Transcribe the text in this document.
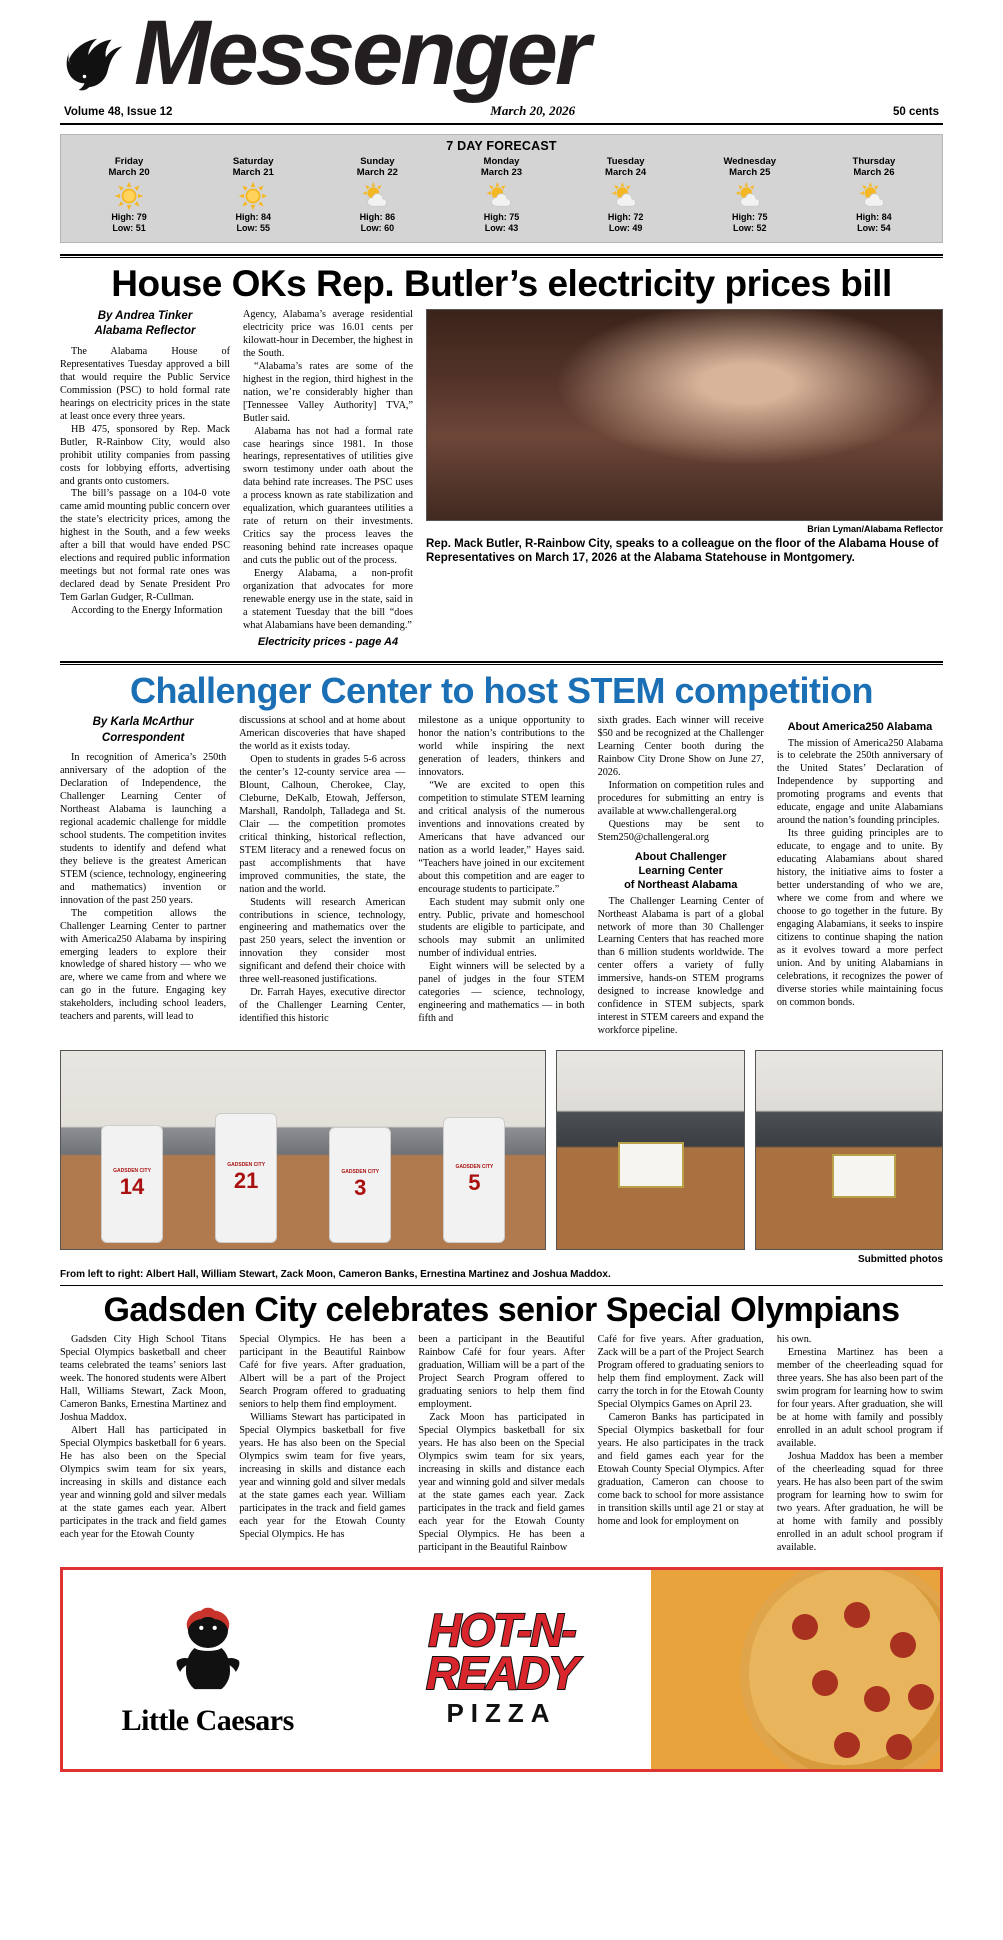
Messenger
Volume 48, Issue 12	March 20, 2026	50 cents
7 DAY FORECAST
Friday
March 20
High: 79
Low: 51
Saturday
March 21
High: 84
Low: 55
Sunday
March 22
High: 86
Low: 60
Monday
March 23
High: 75
Low: 43
Tuesday
March 24
High: 72
Low: 49
Wednesday
March 25
High: 75
Low: 52
Thursday
March 26
High: 84
Low: 54
House OKs Rep. Butler’s electricity prices bill
By Andrea Tinker
Alabama Reflector

The Alabama House of Representatives Tuesday approved a bill that would require the Public Service Commission (PSC) to hold formal rate hearings on electricity prices in the state at least once every three years.

HB 475, sponsored by Rep. Mack Butler, R-Rainbow City, would also prohibit utility companies from passing costs for lobbying efforts, advertising and grants onto customers.

The bill’s passage on a 104-0 vote came amid mounting public concern over the state’s electricity prices, among the highest in the South, and a few weeks after a bill that would have ended PSC elections and required public information meetings but not formal rate ones was declared dead by Senate President Pro Tem Garlan Gudger, R-Cullman.

According to the Energy Information

Agency, Alabama’s average residential electricity price was 16.01 cents per kilowatt-hour in December, the highest in the South.

“Alabama’s rates are some of the highest in the region, third highest in the nation, we’re considerably higher than [Tennessee Valley Authority] TVA,” Butler said.

Alabama has not had a formal rate case hearings since 1981. In those hearings, representatives of utilities give sworn testimony under oath about the data behind rate increases. The PSC uses a process known as rate stabilization and equalization, which guarantees utilities a rate of return on their investments. Critics say the process leaves the reasoning behind rate increases opaque and cuts the public out of the process.

Energy Alabama, a non-profit organization that advocates for more renewable energy use in the state, said in a statement Tuesday that the bill “does what Alabamians have been demanding.”

Electricity prices - page A4
Brian Lyman/Alabama Reflector
Rep. Mack Butler, R-Rainbow City, speaks to a colleague on the floor of the Alabama House of Representatives on March 17, 2026 at the Alabama Statehouse in Montgomery.
Challenger Center to host STEM competition
By Karla McArthur
Correspondent

In recognition of America’s 250th anniversary of the adoption of the Declaration of Independence, the Challenger Learning Center of Northeast Alabama is launching a regional academic challenge for middle school students. The competition invites students to identify and defend what they believe is the greatest American STEM (science, technology, engineering and mathematics) invention or innovation of the past 250 years.

The competition allows the Challenger Learning Center to partner with America250 Alabama by inspiring emerging leaders to explore their knowledge of shared history — who we are, where we came from and where we can go in the future. Engaging key stakeholders, including school leaders, teachers and parents, will lead to

discussions at school and at home about American discoveries that have shaped the world as it exists today.

Open to students in grades 5-6 across the center’s 12-county service area — Blount, Calhoun, Cherokee, Clay, Cleburne, DeKalb, Etowah, Jefferson, Marshall, Randolph, Talladega and St. Clair — the competition promotes critical thinking, historical reflection, STEM literacy and a renewed focus on past accomplishments that have improved communities, the state, the nation and the world.

Students will research American contributions in science, technology, engineering and mathematics over the past 250 years, select the invention or innovation they consider most significant and defend their choice with three well-reasoned justifications.

Dr. Farrah Hayes, executive director of the Challenger Learning Center, identified this historic

milestone as a unique opportunity to honor the nation’s contributions to the world while inspiring the next generation of leaders, thinkers and innovators.

“We are excited to open this competition to stimulate STEM learning and critical analysis of the numerous inventions and innovations created by Americans that have advanced our nation as a world leader,” Hayes said. “Teachers have joined in our excitement about this competition and are eager to encourage students to participate.”

Each student may submit only one entry. Public, private and homeschool students are eligible to participate, and schools may submit an unlimited number of individual entries.

Eight winners will be selected by a panel of judges in the four STEM categories — science, technology, engineering and mathematics — in both fifth and

sixth grades. Each winner will receive $50 and be recognized at the Challenger Learning Center booth during the Rainbow City Drone Show on June 27, 2026.

Information on competition rules and procedures for submitting an entry is available at www.challengeral.org

Questions may be sent to Stem250@challengeral.org

About Challenger
Learning Center
of Northeast Alabama

The Challenger Learning Center of Northeast Alabama is part of a global network of more than 30 Challenger Learning Centers that has reached more than 6 million students worldwide. The center offers a variety of fully immersive, hands-on STEM programs designed to increase knowledge and confidence in STEM subjects, spark interest in STEM careers and expand the workforce pipeline.

About America250 Alabama

The mission of America250 Alabama is to celebrate the 250th anniversary of the United States’ Declaration of Independence by supporting and promoting programs and events that educate, engage and unite Alabamians around the nation’s founding principles.

Its three guiding principles are to educate, to engage and to unite. By educating Alabamians about shared history, the initiative aims to foster a better understanding of who we are, where we come from and where we choose to go together in the future. By engaging Alabamians, it seeks to inspire citizens to continue shaping the nation as it evolves toward a more perfect union. And by uniting Alabamians in celebrations, it recognizes the power of diverse stories while maintaining focus on common bonds.

GADSDEN CITY
14
GADSDEN CITY
21	GADSDEN CITY
3
GADSDEN CITY
5
Submitted photos
From left to right: Albert Hall, William Stewart, Zack Moon, Cameron Banks, Ernestina Martinez and Joshua Maddox.
Gadsden City celebrates senior Special Olympians

Gadsden City High School Titans Special Olympics basketball and cheer teams celebrated the teams’ seniors last week. The honored students were Albert Hall, Williams Stewart, Zack Moon, Cameron Banks, Ernestina Martinez and Joshua Maddox.

Albert Hall has participated in Special Olympics basketball for 6 years. He has also been on the Special Olympics swim team for six years, increasing in skills and distance each year and winning gold and silver medals at the state games each year. Albert participates in the track and field games each year for the Etowah County

Special Olympics. He has been a participant in the Beautiful Rainbow Café for five years. After graduation, Albert will be a part of the Project Search Program offered to graduating seniors to help them find employment.

Williams Stewart has participated in Special Olympics basketball for five years. He has also been on the Special Olympics swim team for five years, increasing in skills and distance each year and winning gold and silver medals at the state games each year. William participates in the track and field games each year for the Etowah County Special Olympics. He has

been a participant in the Beautiful Rainbow Café for four years. After graduation, William will be a part of the Project Search Program offered to graduating seniors to help them find employment.

Zack Moon has participated in Special Olympics basketball for six years. He has also been on the Special Olympics swim team for six years, increasing in skills and distance each year and winning gold and silver medals at the state games each year. Zack participates in the track and field games each year for the Etowah County Special Olympics. He has been a participant in the Beautiful Rainbow

Café for five years. After graduation, Zack will be a part of the Project Search Program offered to graduating seniors to help them find employment. Zack will carry the torch in for the Etowah County Special Olympics Games on April 23.

Cameron Banks has participated in Special Olympics basketball for four years. He also participates in the track and field games each year for the Etowah County Special Olympics. After graduation, Cameron can choose to come back to school for more assistance in transition skills until age 21 or stay at home and look for employment on

his own.

Ernestina Martinez has been a member of the cheerleading squad for three years. She has also been part of the swim program for learning how to swim for four years. After graduation, she will be at home with family and possibly enrolled in an adult school program if available.

Joshua Maddox has been a member of the cheerleading squad for three years. He has also been part of the swim program for learning how to swim for two years. After graduation, he will be at home with family and possibly enrolled in an adult school program if available.

Little Caesars
HOT-N-
READY
PIZZA
